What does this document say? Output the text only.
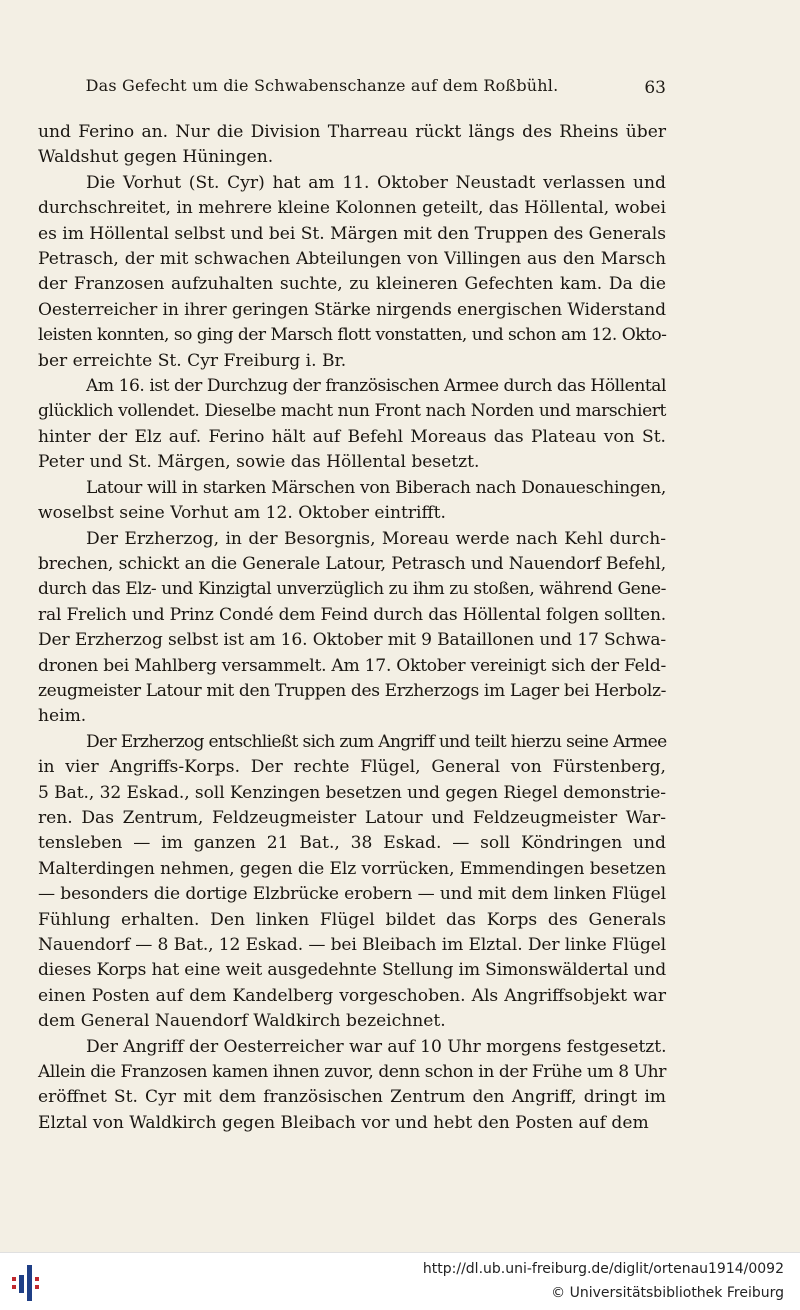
Das Gefecht um die Schwabenschanze auf dem Roßbühl.	63
und Ferino an. Nur die Division Tharreau rückt längs des Rheins über
Waldshut gegen Hüningen.
Die Vorhut (St. Cyr) hat am 11. Oktober Neustadt verlassen und
durchschreitet, in mehrere kleine Kolonnen geteilt, das Höllental, wobei
es im Höllental selbst und bei St. Märgen mit den Truppen des Generals
Petrasch, der mit schwachen Abteilungen von Villingen aus den Marsch
der Franzosen aufzuhalten suchte, zu kleineren Gefechten kam. Da die
Oesterreicher in ihrer geringen Stärke nirgends energischen Widerstand
leisten konnten, so ging der Marsch flott vonstatten, und schon am 12. Okto-
ber erreichte St. Cyr Freiburg i. Br.
Am 16. ist der Durchzug der französischen Armee durch das Höllental
glücklich vollendet. Dieselbe macht nun Front nach Norden und marschiert
hinter der Elz auf. Ferino hält auf Befehl Moreaus das Plateau von St.
Peter und St. Märgen, sowie das Höllental besetzt.
Latour will in starken Märschen von Biberach nach Donaueschingen,
woselbst seine Vorhut am 12. Oktober eintrifft.
Der Erzherzog, in der Besorgnis, Moreau werde nach Kehl durch-
brechen, schickt an die Generale Latour, Petrasch und Nauendorf Befehl,
durch das Elz- und Kinzigtal unverzüglich zu ihm zu stoßen, während Gene-
ral Frelich und Prinz Condé dem Feind durch das Höllental folgen sollten.
Der Erzherzog selbst ist am 16. Oktober mit 9 Bataillonen und 17 Schwa-
dronen bei Mahlberg versammelt. Am 17. Oktober vereinigt sich der Feld-
zeugmeister Latour mit den Truppen des Erzherzogs im Lager bei Herbolz-
heim.
Der Erzherzog entschließt sich zum Angriff und teilt hierzu seine Armee
in vier Angriffs-Korps. Der rechte Flügel, General von Fürstenberg,
5 Bat., 32 Eskad., soll Kenzingen besetzen und gegen Riegel demonstrie-
ren. Das Zentrum, Feldzeugmeister Latour und Feldzeugmeister War-
tensleben — im ganzen 21 Bat., 38 Eskad. — soll Köndringen und
Malterdingen nehmen, gegen die Elz vorrücken, Emmendingen besetzen
— besonders die dortige Elzbrücke erobern — und mit dem linken Flügel
Fühlung erhalten. Den linken Flügel bildet das Korps des Generals
Nauendorf — 8 Bat., 12 Eskad. — bei Bleibach im Elztal. Der linke Flügel
dieses Korps hat eine weit ausgedehnte Stellung im Simonswäldertal und
einen Posten auf dem Kandelberg vorgeschoben. Als Angriffsobjekt war
dem General Nauendorf Waldkirch bezeichnet.
Der Angriff der Oesterreicher war auf 10 Uhr morgens festgesetzt.
Allein die Franzosen kamen ihnen zuvor, denn schon in der Frühe um 8 Uhr
eröffnet St. Cyr mit dem französischen Zentrum den Angriff, dringt im
Elztal von Waldkirch gegen Bleibach vor und hebt den Posten auf dem
http://dl.ub.uni-freiburg.de/diglit/ortenau1914/0092
© Universitätsbibliothek Freiburg
